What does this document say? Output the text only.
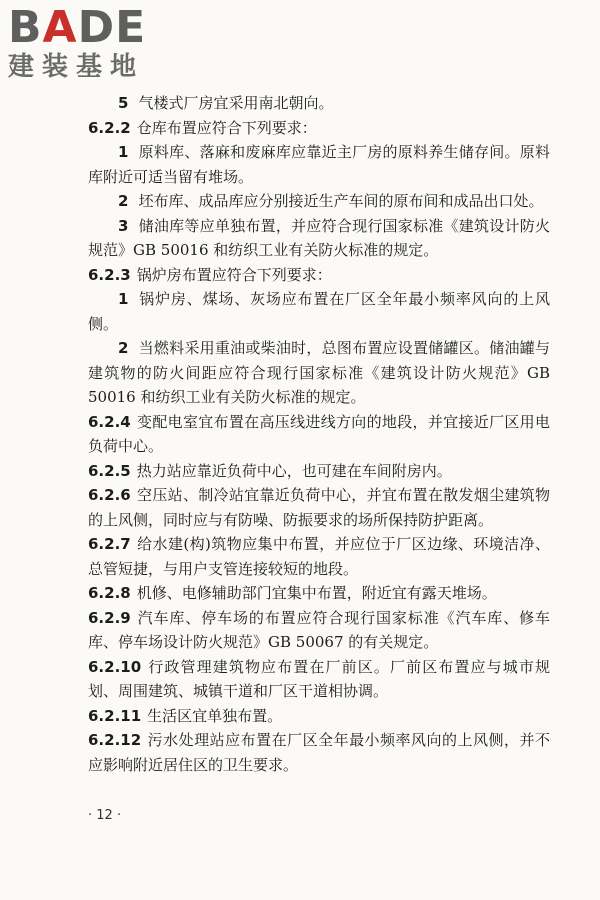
BADE
建装基地

5 气楼式厂房宜采用南北朝向。

6.2.2 仓库布置应符合下列要求：

1 原料库、落麻和废麻库应靠近主厂房的原料养生储存间。原料库附近可适当留有堆场。

2 坯布库、成品库应分别接近生产车间的原布间和成品出口处。

3 储油库等应单独布置，并应符合现行国家标准《建筑设计防火规范》GB 50016 和纺织工业有关防火标准的规定。

6.2.3 锅炉房布置应符合下列要求：

1 锅炉房、煤场、灰场应布置在厂区全年最小频率风向的上风侧。

2 当燃料采用重油或柴油时，总图布置应设置储罐区。储油罐与建筑物的防火间距应符合现行国家标准《建筑设计防火规范》GB 50016 和纺织工业有关防火标准的规定。

6.2.4 变配电室宜布置在高压线进线方向的地段，并宜接近厂区用电负荷中心。

6.2.5 热力站应靠近负荷中心，也可建在车间附房内。

6.2.6 空压站、制冷站宜靠近负荷中心，并宜布置在散发烟尘建筑物的上风侧，同时应与有防噪、防振要求的场所保持防护距离。

6.2.7 给水建(构)筑物应集中布置，并应位于厂区边缘、环境洁净、总管短捷，与用户支管连接较短的地段。

6.2.8 机修、电修辅助部门宜集中布置，附近宜有露天堆场。

6.2.9 汽车库、停车场的布置应符合现行国家标准《汽车库、修车库、停车场设计防火规范》GB 50067 的有关规定。

6.2.10 行政管理建筑物应布置在厂前区。厂前区布置应与城市规划、周围建筑、城镇干道和厂区干道相协调。

6.2.11 生活区宜单独布置。

6.2.12 污水处理站应布置在厂区全年最小频率风向的上风侧，并不应影响附近居住区的卫生要求。

· 12 ·
